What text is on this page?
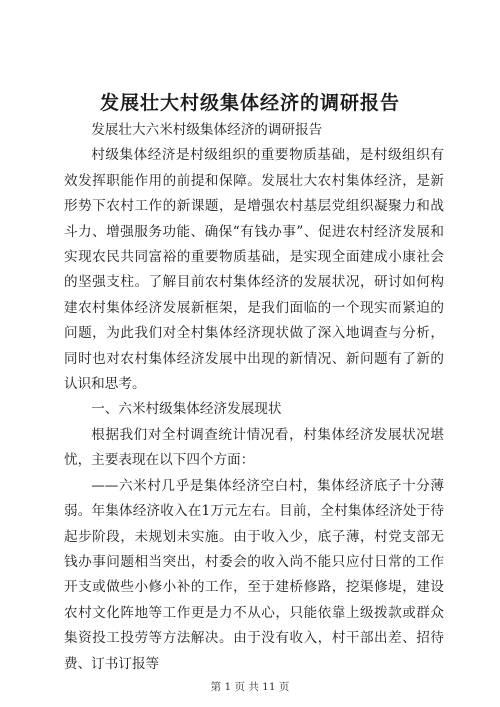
发展壮大村级集体经济的调研报告

发展壮大六米村级集体经济的调研报告

村级集体经济是村级组织的重要物质基础，是村级组织有效发挥职能作用的前提和保障。发展壮大农村集体经济，是新形势下农村工作的新课题，是增强农村基层党组织凝聚力和战斗力、增强服务功能、确保“有钱办事”、促进农村经济发展和实现农民共同富裕的重要物质基础，是实现全面建成小康社会的坚强支柱。了解目前农村集体经济的发展状况，研讨如何构建农村集体经济发展新框架，是我们面临的一个现实而紧迫的问题，为此我们对全村集体经济现状做了深入地调查与分析，同时也对农村集体经济发展中出现的新情况、新问题有了新的认识和思考。

一、六米村级集体经济发展现状

根据我们对全村调查统计情况看，村集体经济发展状况堪忧，主要表现在以下四个方面：

——六米村几乎是集体经济空白村，集体经济底子十分薄弱。年集体经济收入在1万元左右。目前，全村集体经济处于待起步阶段，未规划未实施。由于收入少，底子薄，村党支部无钱办事问题相当突出，村委会的收入尚不能只应付日常的工作开支或做些小修小补的工作，至于建桥修路，挖渠修堤，建设农村文化阵地等工作更是力不从心，只能依靠上级拨款或群众集资投工投劳等方法解决。由于没有收入，村干部出差、招待费、订书订报等

第 1 页 共 11 页
